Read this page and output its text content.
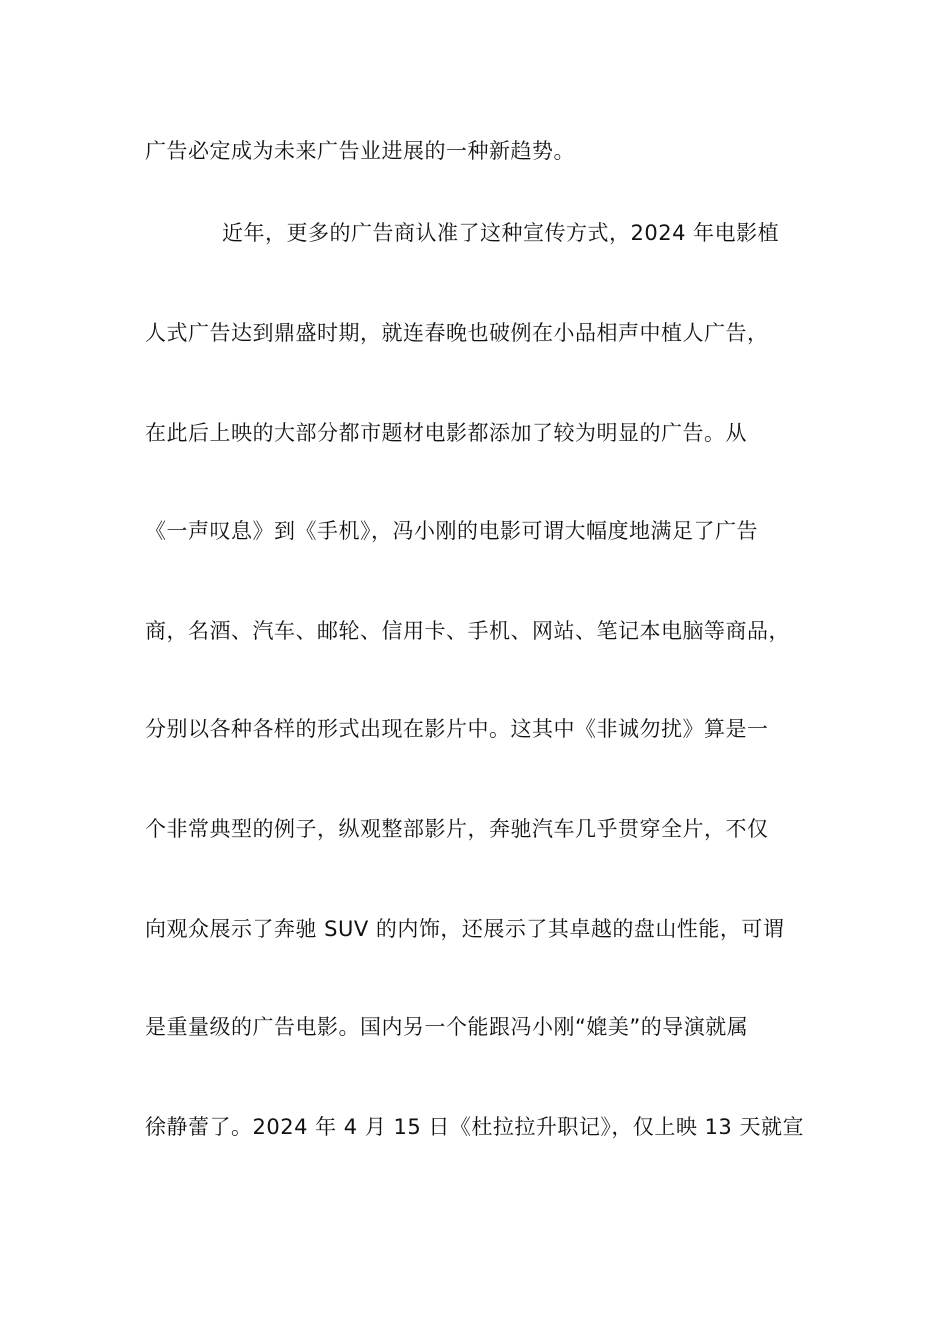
广告必定成为未来广告业进展的一种新趋势。
近年，更多的广告商认准了这种宣传方式，2024 年电影植
人式广告达到鼎盛时期，就连春晚也破例在小品相声中植人广告，
在此后上映的大部分都市题材电影都添加了较为明显的广告。从
《一声叹息》到《手机》，冯小刚的电影可谓大幅度地满足了广告
商，名酒、汽车、邮轮、信用卡、手机、网站、笔记本电脑等商品，
分别以各种各样的形式出现在影片中。这其中《非诚勿扰》算是一
个非常典型的例子，纵观整部影片，奔驰汽车几乎贯穿全片，不仅
向观众展示了奔驰 SUV 的内饰，还展示了其卓越的盘山性能，可谓
是重量级的广告电影。国内另一个能跟冯小刚“媲美”的导演就属
徐静蕾了。2024 年 4 月 15 日《杜拉拉升职记》，仅上映 13 天就宣
